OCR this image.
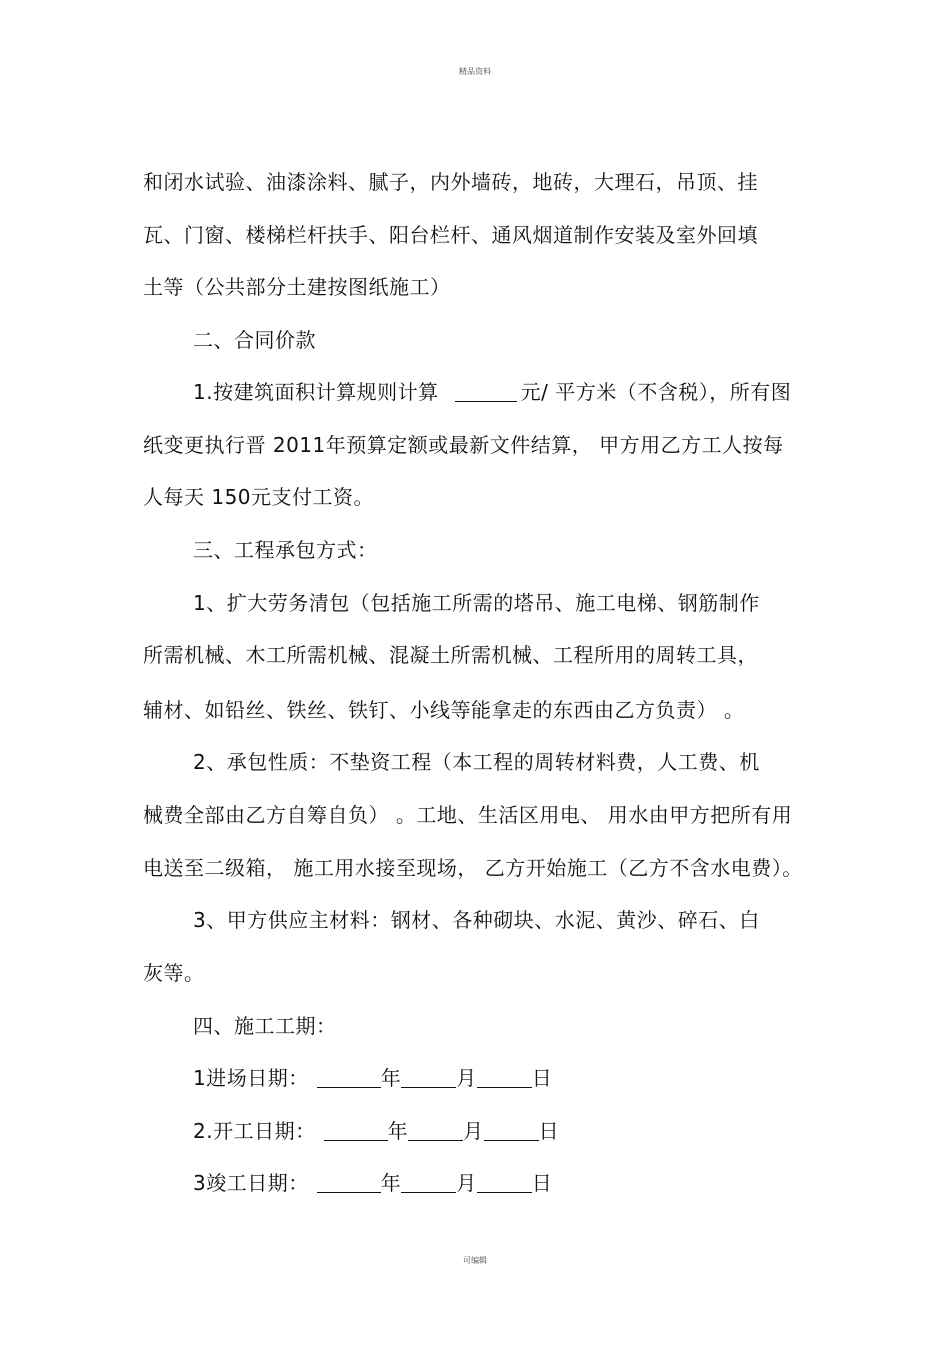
精品资料
和闭水试验、油漆涂料、腻子，内外墙砖，地砖，大理石，吊顶、挂
瓦、门窗、楼梯栏杆扶手、阳台栏杆、通风烟道制作安装及室外回填
土等（公共部分土建按图纸施工）
二、合同价款
1.按建筑面积计算规则计算	元/ 平方米（不含税），所有图
纸变更执行晋 2011年预算定额或最新文件结算， 甲方用乙方工人按每
人每天 150元支付工资。
三、工程承包方式：
1、扩大劳务清包（包括施工所需的塔吊、施工电梯、钢筋制作
所需机械、木工所需机械、混凝土所需机械、工程所用的周转工具，
辅材、如铅丝、铁丝、铁钉、小线等能拿走的东西由乙方负责） 。
2、承包性质：不垫资工程（本工程的周转材料费，人工费、机
械费全部由乙方自筹自负） 。工地、生活区用电、 用水由甲方把所有用
电送至二级箱， 施工用水接至现场， 乙方开始施工（乙方不含水电费）。
3、甲方供应主材料：钢材、各种砌块、水泥、黄沙、碎石、白
灰等。
四、施工工期：
1进场日期：	年	月	日
2.开工日期：	年	月	日
3竣工日期：	年	月	日
可编辑
